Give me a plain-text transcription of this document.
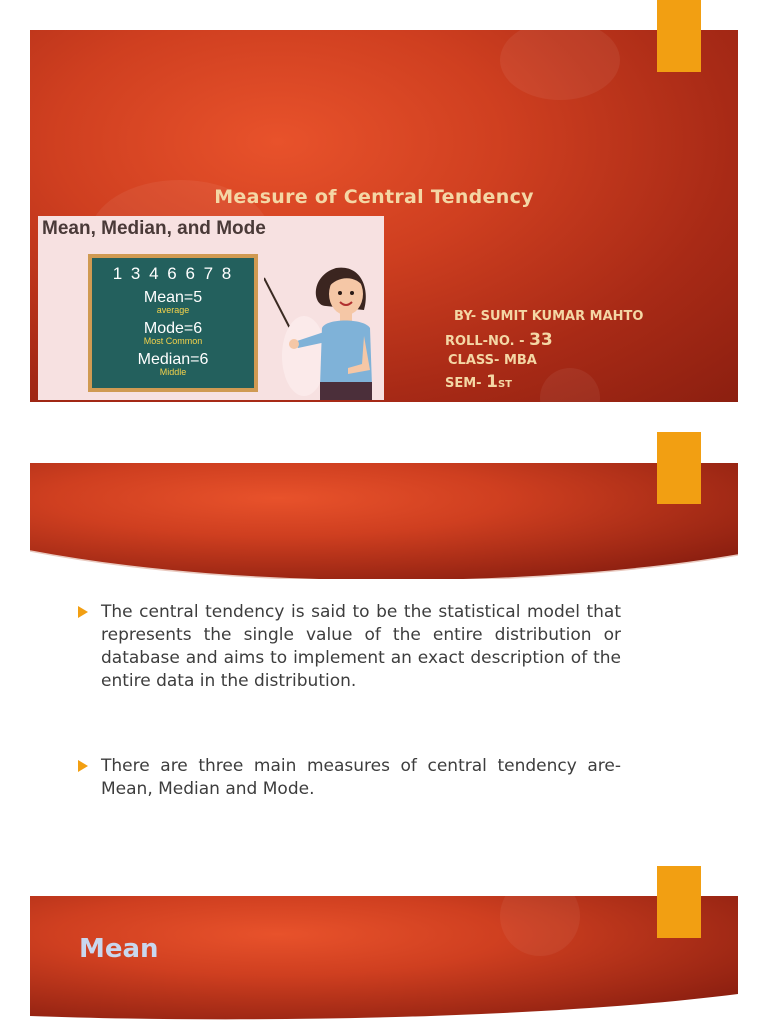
Measure of Central Tendency
Mean, Median, and Mode
1 3 4 6 6 7 8
Mean=5
average
Mode=6
Most Common
Median=6
Middle
BY- SUMIT KUMAR MAHTO
ROLL-NO. - 33
CLASS- MBA
SEM- 1ST
The central tendency is said to be the statistical model that represents the single value of the entire distribution or database and aims to implement an exact description of the entire data in the distribution.
There are three main measures of central tendency are- Mean, Median and Mode.
Mean
